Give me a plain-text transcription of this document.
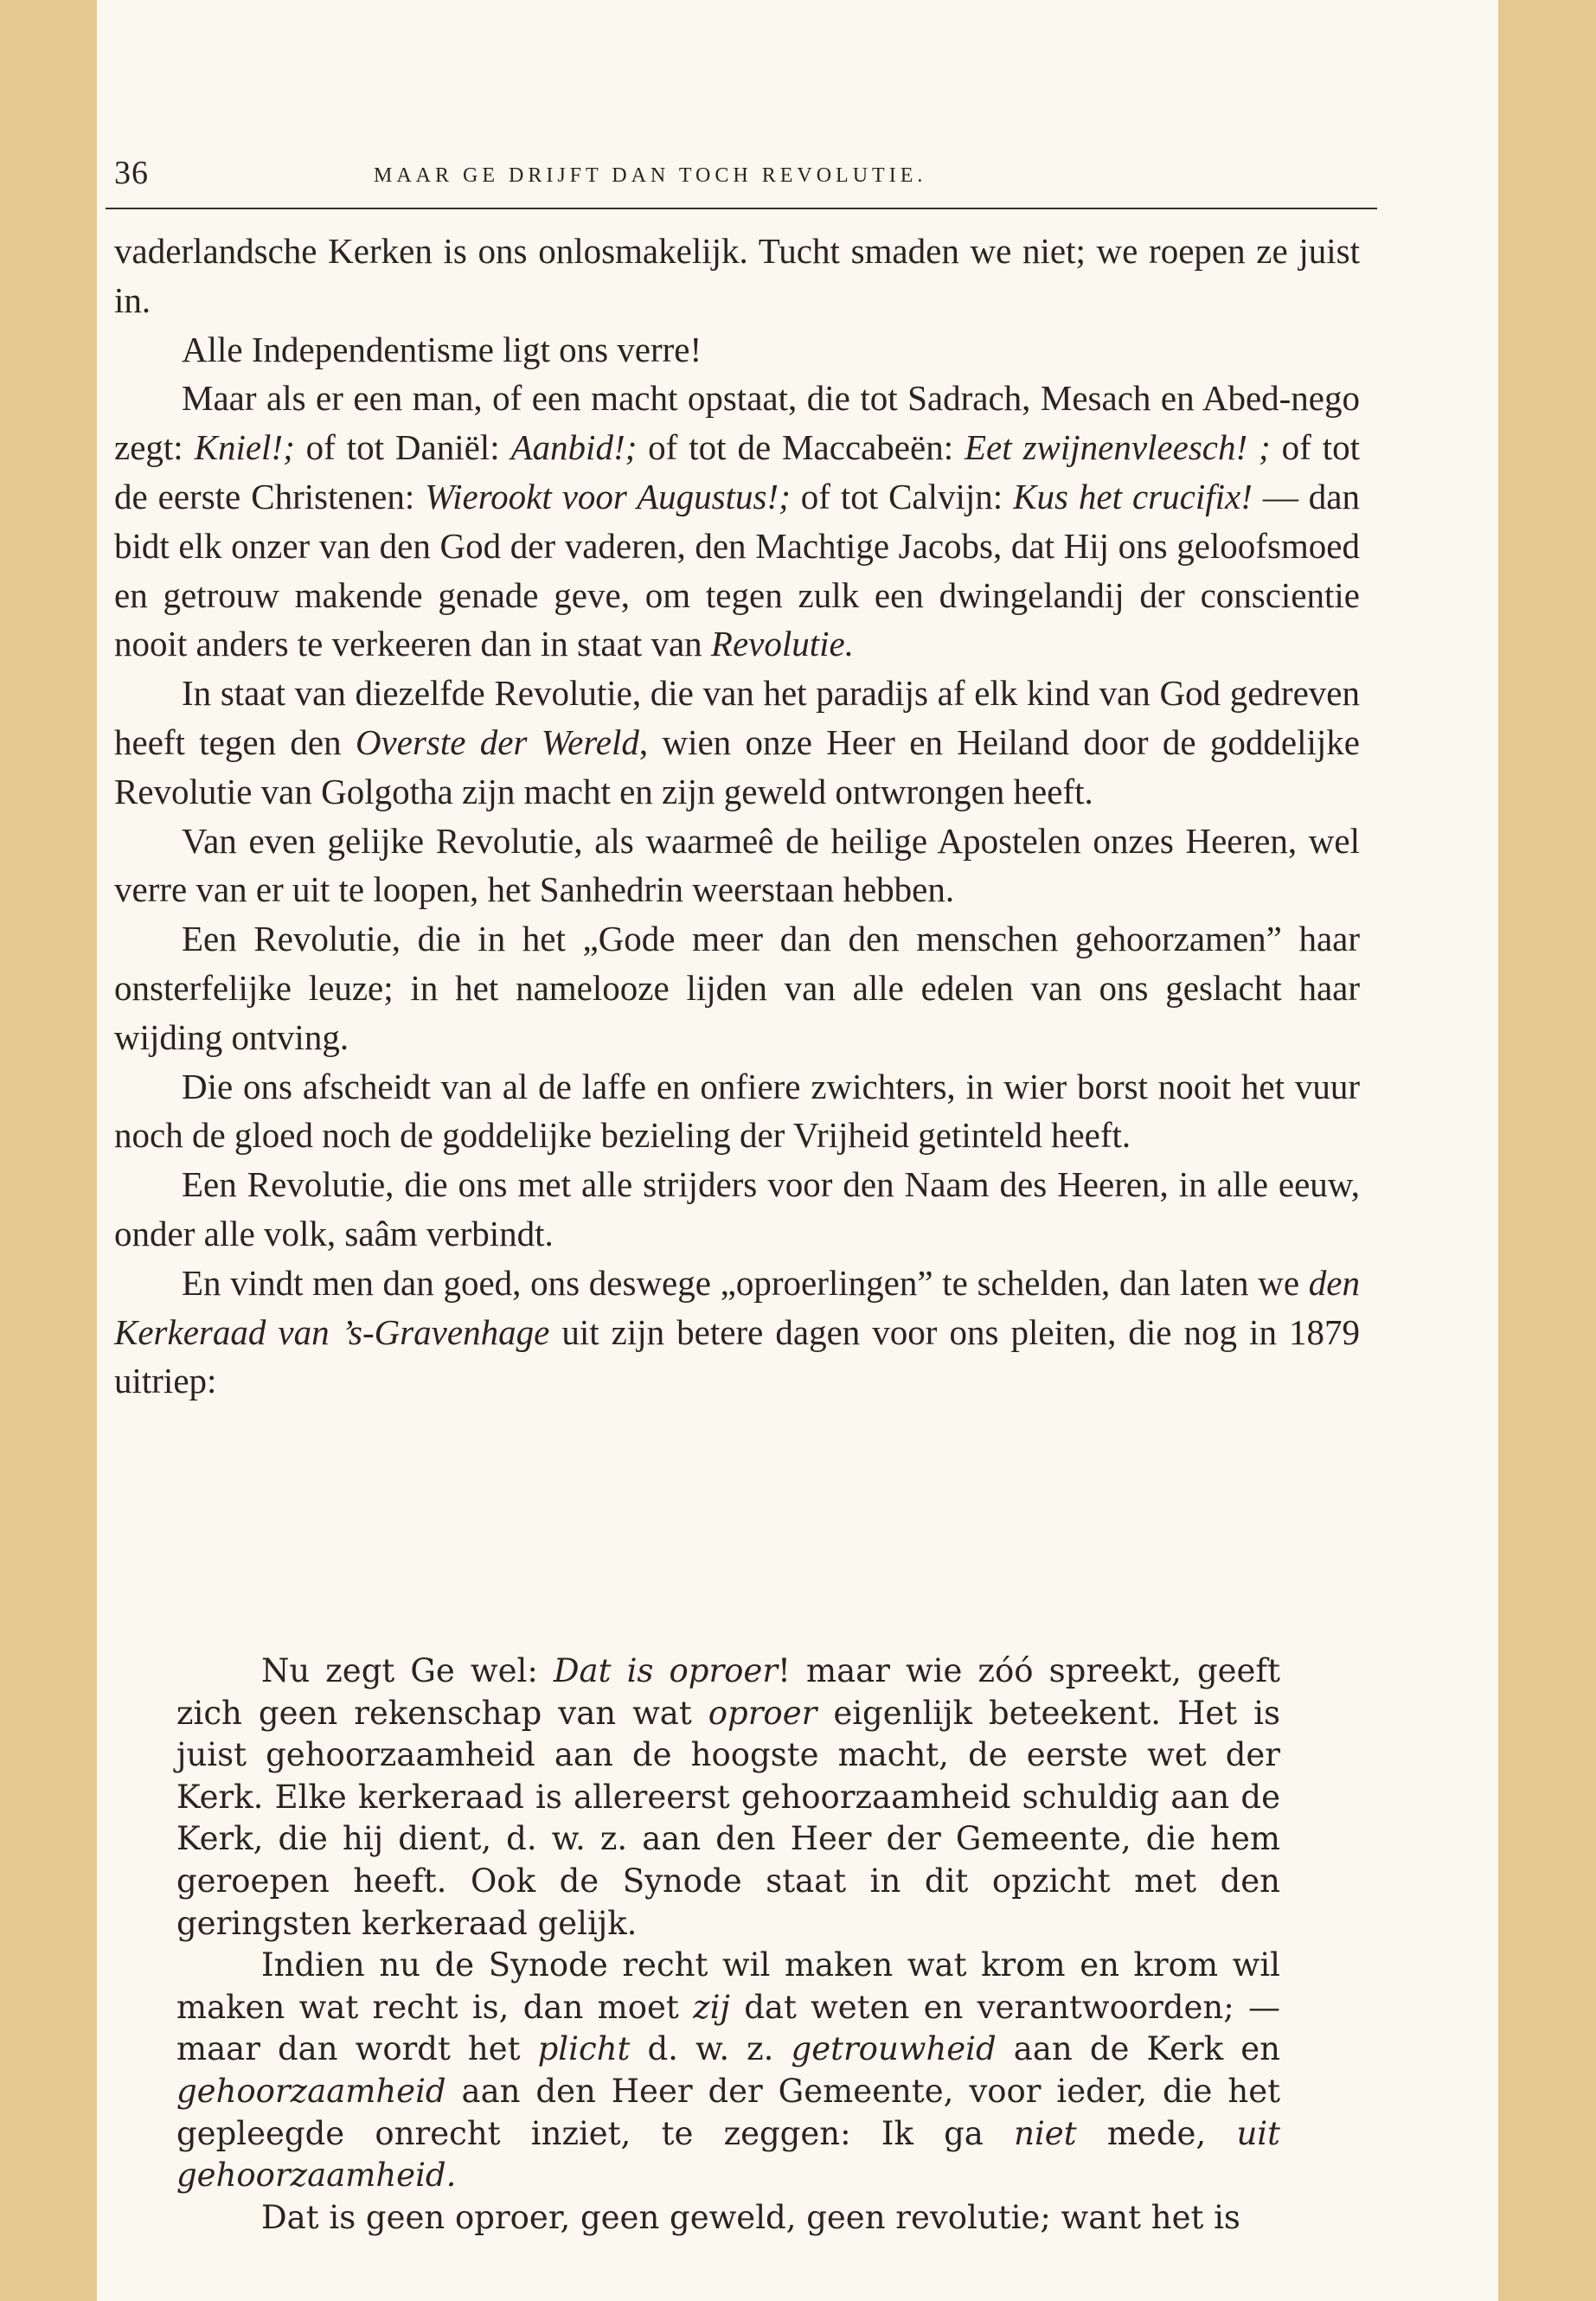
36	MAAR GE DRIJFT DAN TOCH REVOLUTIE.

vaderlandsche Kerken is ons onlosmakelijk. Tucht smaden we niet; we roepen ze juist in.

Alle Independentisme ligt ons verre!

Maar als er een man, of een macht opstaat, die tot Sadrach, Mesach en Abed-nego zegt: Kniel!; of tot Daniël: Aanbid!; of tot de Maccabeën: Eet zwijnenvleesch! ; of tot de eerste Christenen: Wierookt voor Augustus!; of tot Calvijn: Kus het crucifix! — dan bidt elk onzer van den God der vaderen, den Machtige Jacobs, dat Hij ons geloofsmoed en getrouw makende genade geve, om tegen zulk een dwingelandij der conscientie nooit anders te verkeeren dan in staat van Revolutie.

In staat van diezelfde Revolutie, die van het paradijs af elk kind van God gedreven heeft tegen den Overste der Wereld, wien onze Heer en Heiland door de goddelijke Revolutie van Golgotha zijn macht en zijn geweld ontwrongen heeft.

Van even gelijke Revolutie, als waarmeê de heilige Apostelen onzes Heeren, wel verre van er uit te loopen, het Sanhedrin weerstaan hebben.

Een Revolutie, die in het „Gode meer dan den menschen gehoorzamen” haar onsterfelijke leuze; in het namelooze lijden van alle edelen van ons geslacht haar wijding ontving.

Die ons afscheidt van al de laffe en onfiere zwichters, in wier borst nooit het vuur noch de gloed noch de goddelijke bezieling der Vrijheid getinteld heeft.

Een Revolutie, die ons met alle strijders voor den Naam des Heeren, in alle eeuw, onder alle volk, saâm verbindt.

En vindt men dan goed, ons deswege „oproerlingen” te schelden, dan laten we den Kerkeraad van ’s-Gravenhage uit zijn betere dagen voor ons pleiten, die nog in 1879 uitriep:

Nu zegt Ge wel: Dat is oproer! maar wie zóó spreekt, geeft zich geen rekenschap van wat oproer eigenlijk beteekent. Het is juist gehoorzaamheid aan de hoogste macht, de eerste wet der Kerk. Elke kerkeraad is allereerst gehoorzaamheid schuldig aan de Kerk, die hij dient, d. w. z. aan den Heer der Gemeente, die hem geroepen heeft. Ook de Synode staat in dit opzicht met den geringsten kerkeraad gelijk.

Indien nu de Synode recht wil maken wat krom en krom wil maken wat recht is, dan moet zij dat weten en verantwoorden; — maar dan wordt het plicht d. w. z. getrouwheid aan de Kerk en gehoorzaamheid aan den Heer der Gemeente, voor ieder, die het gepleegde onrecht inziet, te zeggen: Ik ga niet mede, uit gehoorzaamheid.

Dat is geen oproer, geen geweld, geen revolutie; want het is
